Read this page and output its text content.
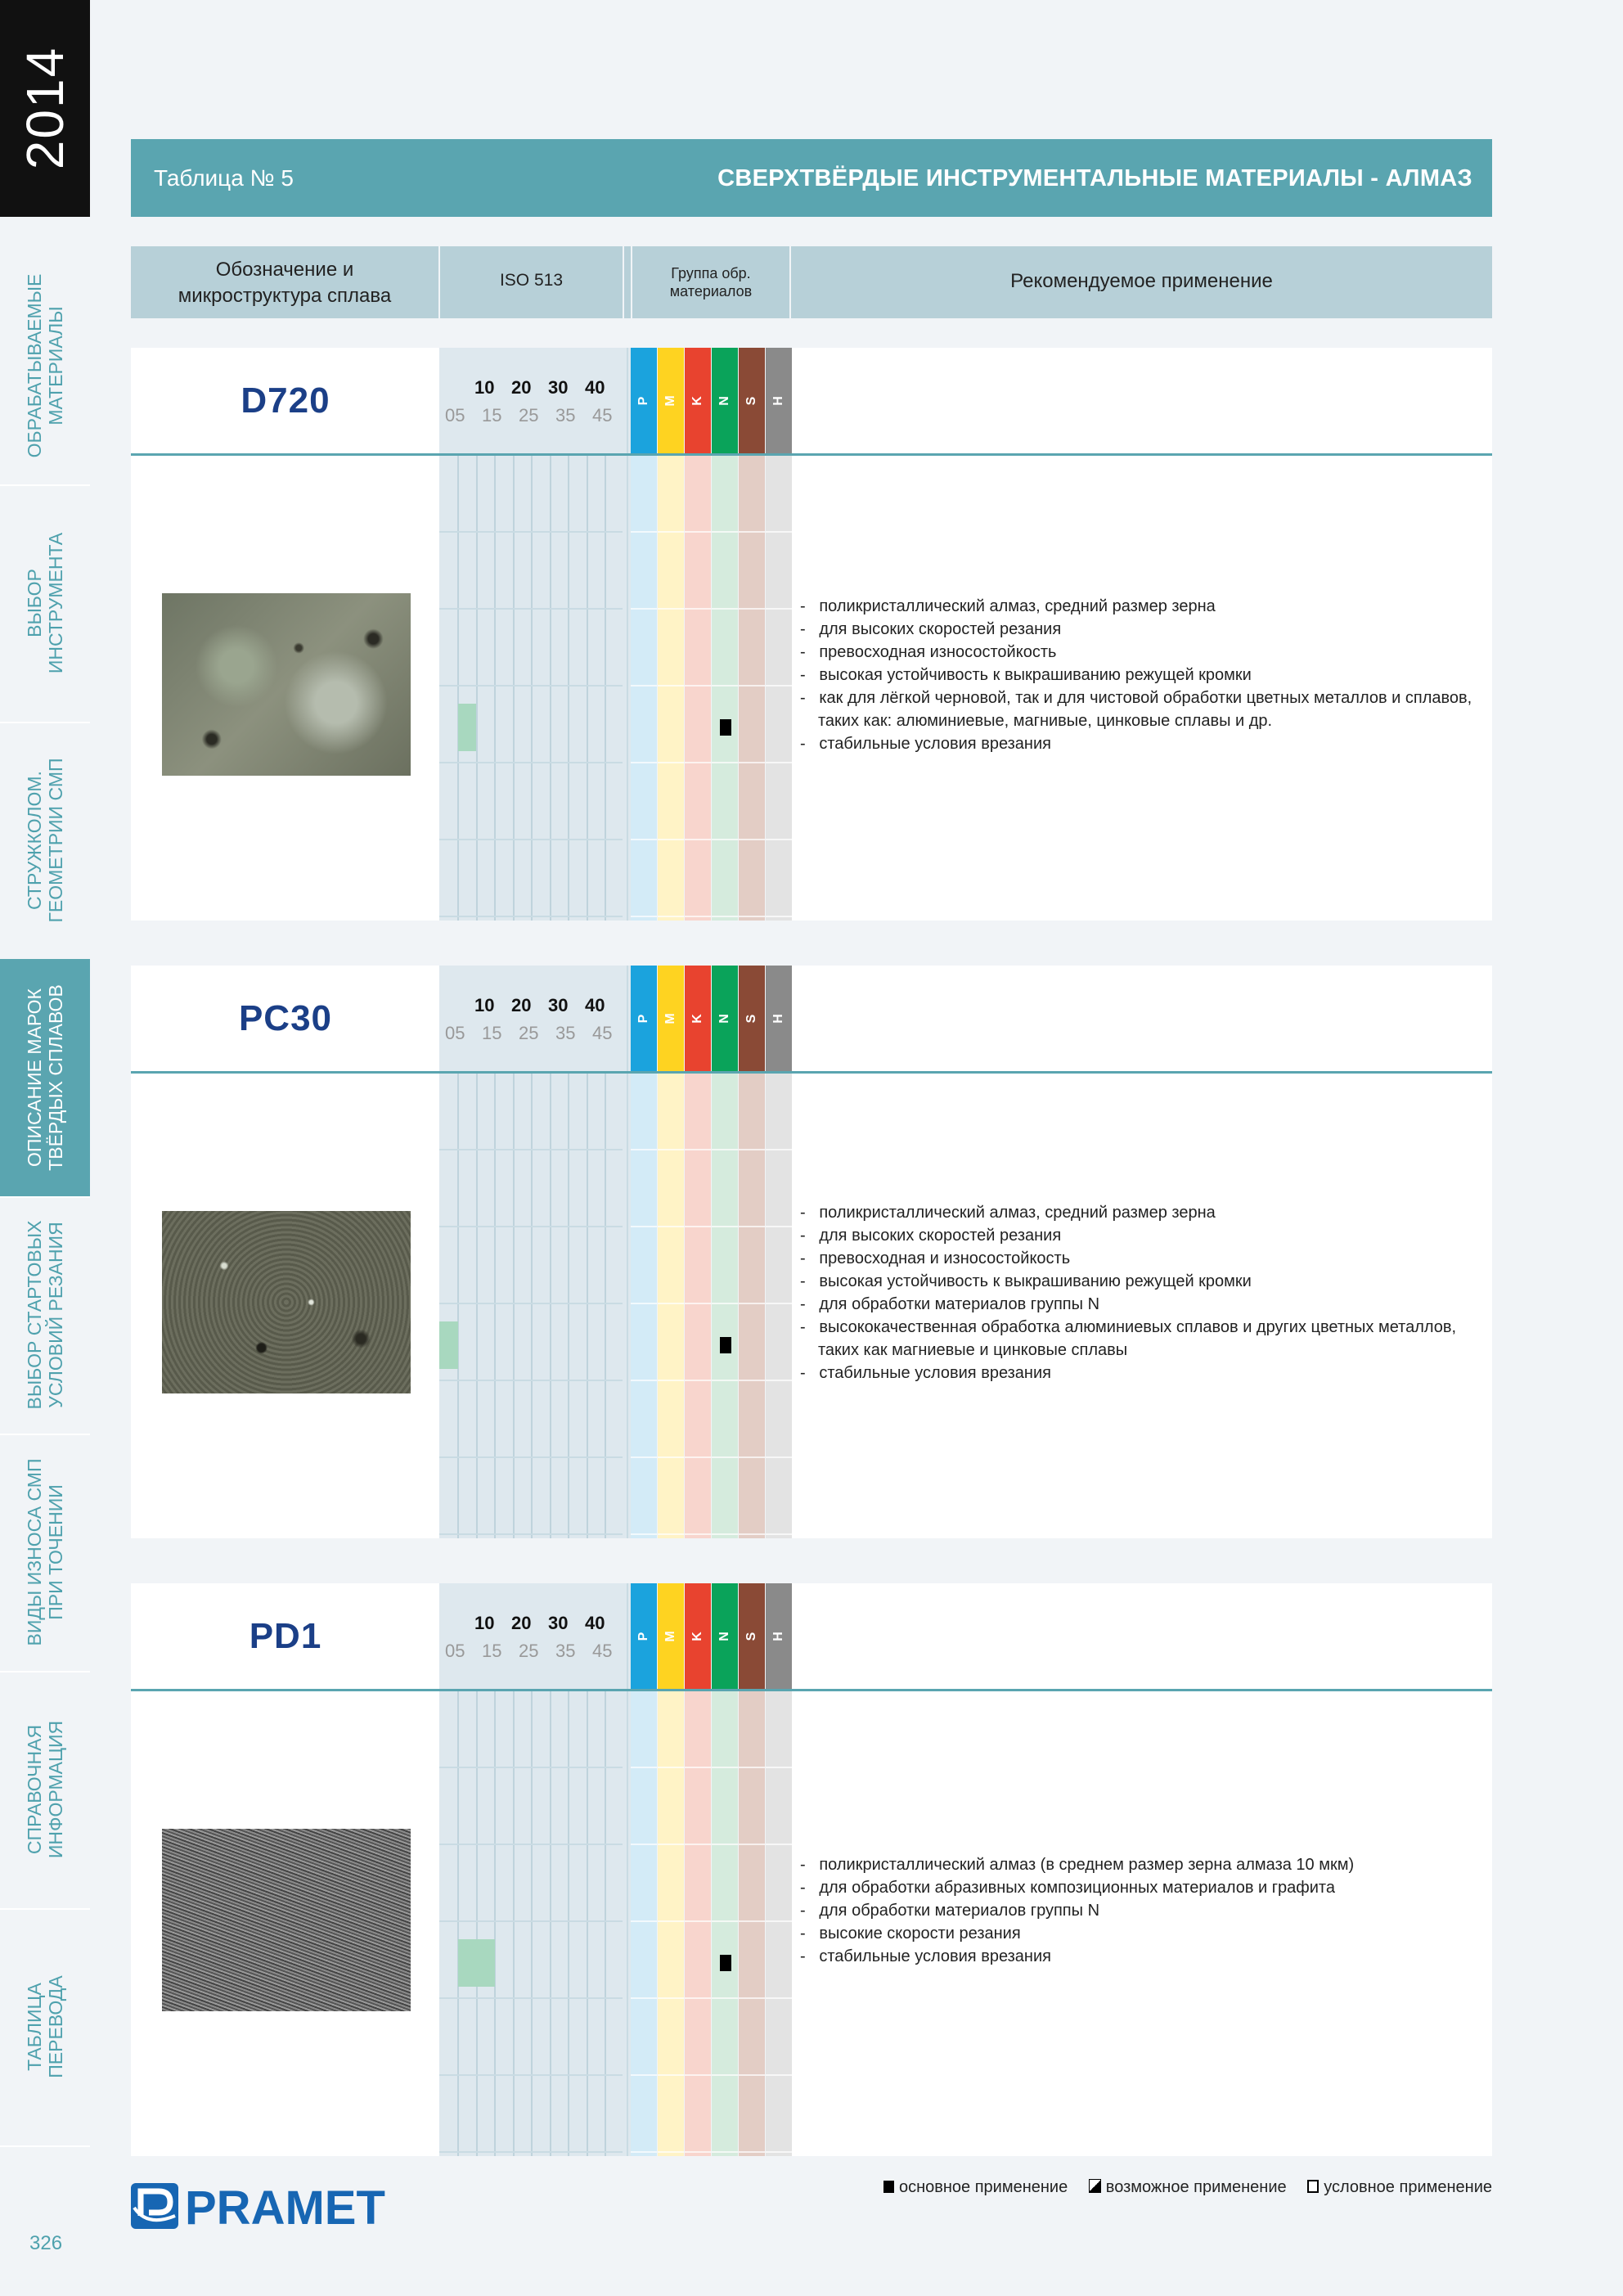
2014
ОБРАБАТЫВАЕМЫЕ
МАТЕРИАЛЫ
ВЫБОР
ИНСТРУМЕНТА
СТРУЖКОЛОМ.
ГЕОМЕТРИИ СМП
ОПИСАНИЕ МАРОК
ТВЁРДЫХ СПЛАВОВ
ВЫБОР СТАРТОВЫХ
УСЛОВИЙ РЕЗАНИЯ
ВИДЫ ИЗНОСА СМП
ПРИ ТОЧЕНИИ
СПРАВОЧНАЯ
ИНФОРМАЦИЯ
ТАБЛИЦА
ПЕРЕВОДА
326
Таблица № 5	СВЕРХТВЁРДЫЕ ИНСТРУМЕНТАЛЬНЫЕ МАТЕРИАЛЫ - АЛМАЗ
Обозначение и микроструктура сплава
ISO 513	Группа обр. материалов	Рекомендуемое применение
D720	10 20 30 40
05 15 25 35 45
P M K N S H
-   поликристаллический алмаз, средний размер зерна
-   для высоких скоростей резания
-   превосходная износостойкость
-   высокая устойчивость к выкрашиванию режущей кромки
-   как для лёгкой черновой, так и для чистовой обработки цветных металлов и сплавов, таких как: алюминиевые, магнивые, цинковые сплавы и др.
-   стабильные условия врезания
PC30	10 20 30 40
05 15 25 35 45
P M K N S H
-   поликристаллический алмаз, средний размер зерна
-   для высоких скоростей резания
-   превосходная и износостойкость
-   высокая устойчивость к выкрашиванию режущей кромки
-   для обработки материалов группы N
-   высококачественная обработка алюминиевых сплавов и других цветных металлов, таких как магниевые и цинковые сплавы
-   стабильные условия врезания
PD1	10 20 30 40
05 15 25 35 45
P M K N S H
-   поликристаллический алмаз (в среднем размер зерна алмаза 10 мкм)
-   для обработки абразивных композиционных материалов и графита
-   для обработки материалов группы N
-   высокие скорости резания
-   стабильные условия врезания
PRAMET	основное применение возможное применение условное применение
